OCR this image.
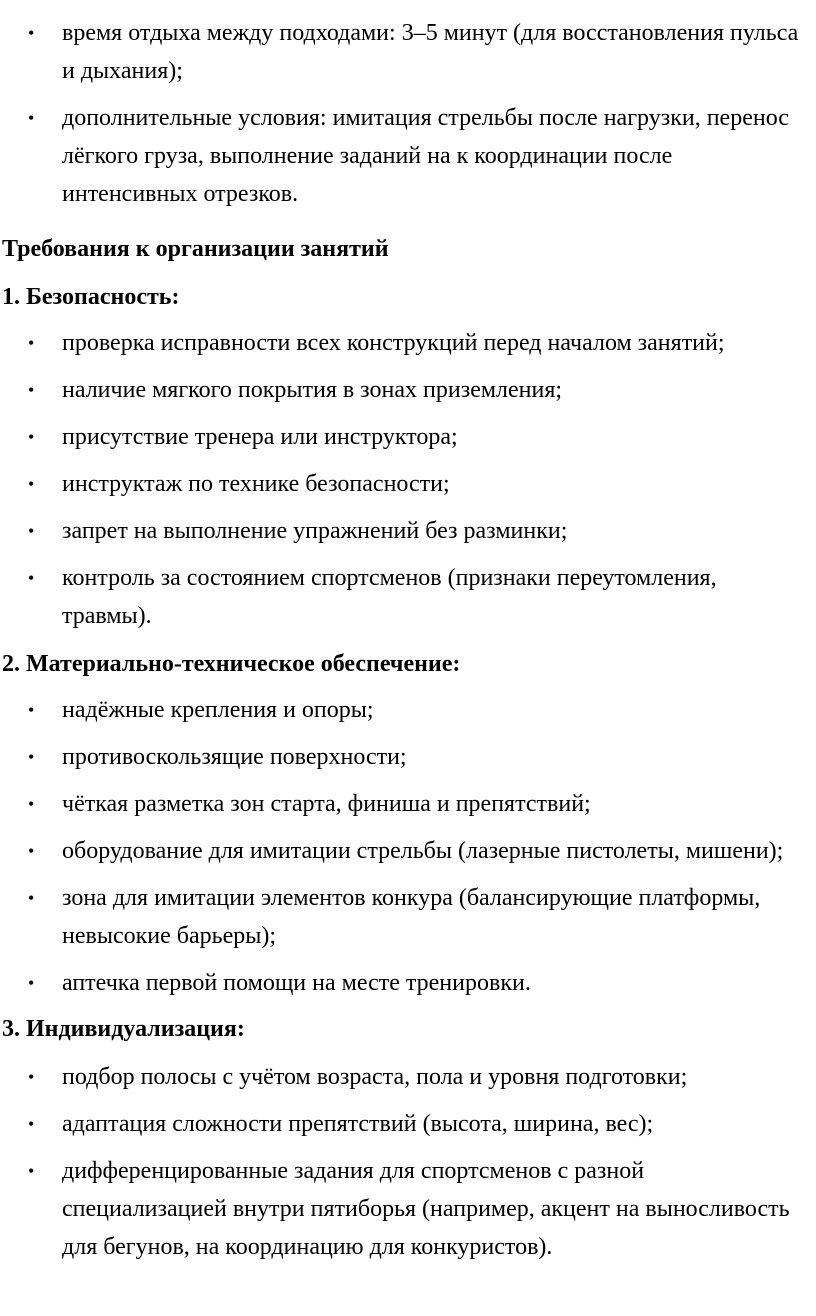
• время отдыха между подходами: 3–5 минут (для восстановления пульса и дыхания);
• дополнительные условия: имитация стрельбы после нагрузки, перенос лёгкого груза, выполнение заданий на к координации после интенсивных отрезков.
Требования к организации занятий
1. Безопасность:
• проверка исправности всех конструкций перед началом занятий;
• наличие мягкого покрытия в зонах приземления;
• присутствие тренера или инструктора;
• инструктаж по технике безопасности;
• запрет на выполнение упражнений без разминки;
• контроль за состоянием спортсменов (признаки переутомления, травмы).
2. Материально-техническое обеспечение:
• надёжные крепления и опоры;
• противоскользящие поверхности;
• чёткая разметка зон старта, финиша и препятствий;
• оборудование для имитации стрельбы (лазерные пистолеты, мишени);
• зона для имитации элементов конкура (балансирующие платформы, невысокие барьеры);
• аптечка первой помощи на месте тренировки.
3. Индивидуализация:
• подбор полосы с учётом возраста, пола и уровня подготовки;
• адаптация сложности препятствий (высота, ширина, вес);
• дифференцированные задания для спортсменов с разной специализацией внутри пятиборья (например, акцент на выносливость для бегунов, на координацию для конкуристов).
